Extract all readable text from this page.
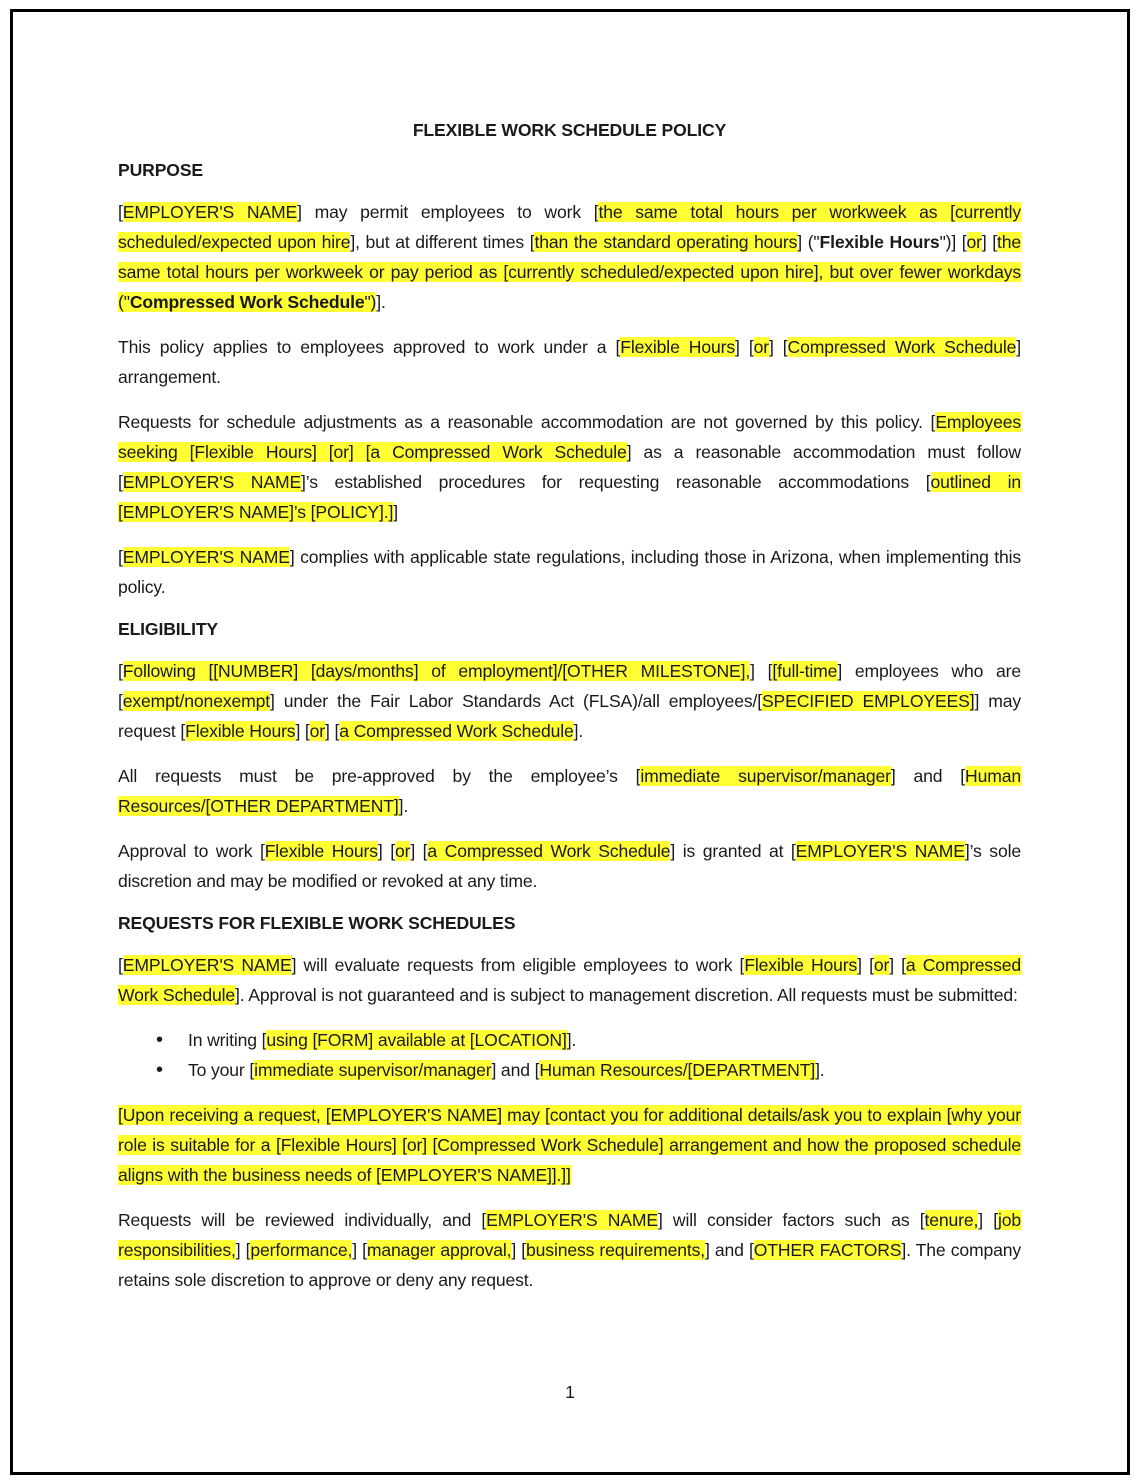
FLEXIBLE WORK SCHEDULE POLICY
PURPOSE

[EMPLOYER'S NAME] may permit employees to work [the same total hours per workweek as [currently scheduled/expected upon hire], but at different times [than the standard operating hours] ("Flexible Hours")] [or] [the same total hours per workweek or pay period as [currently scheduled/expected upon hire], but over fewer workdays ("Compressed Work Schedule")].

This policy applies to employees approved to work under a [Flexible Hours] [or] [Compressed Work Schedule] arrangement.

Requests for schedule adjustments as a reasonable accommodation are not governed by this policy. [Employees seeking [Flexible Hours] [or] [a Compressed Work Schedule] as a reasonable accommodation must follow [EMPLOYER'S NAME]’s established procedures for requesting reasonable accommodations [outlined in [EMPLOYER'S NAME]’s [POLICY].]]

[EMPLOYER'S NAME] complies with applicable state regulations, including those in Arizona, when implementing this policy.

ELIGIBILITY

[Following [[NUMBER] [days/months] of employment]/[OTHER MILESTONE],] [[full-time] employees who are [exempt/nonexempt] under the Fair Labor Standards Act (FLSA)/all employees/[SPECIFIED EMPLOYEES]] may request [Flexible Hours] [or] [a Compressed Work Schedule].

All requests must be pre-approved by the employee’s [immediate supervisor/manager] and [Human Resources/[OTHER DEPARTMENT]].

Approval to work [Flexible Hours] [or] [a Compressed Work Schedule] is granted at [EMPLOYER'S NAME]’s sole discretion and may be modified or revoked at any time.

REQUESTS FOR FLEXIBLE WORK SCHEDULES

[EMPLOYER'S NAME] will evaluate requests from eligible employees to work [Flexible Hours] [or] [a Compressed Work Schedule]. Approval is not guaranteed and is subject to management discretion. All requests must be submitted:

• In writing [using [FORM] available at [LOCATION]].
• To your [immediate supervisor/manager] and [Human Resources/[DEPARTMENT]].

[Upon receiving a request, [EMPLOYER'S NAME] may [contact you for additional details/ask you to explain [why your role is suitable for a [Flexible Hours] [or] [Compressed Work Schedule] arrangement and how the proposed schedule aligns with the business needs of [EMPLOYER'S NAME]].]]

Requests will be reviewed individually, and [EMPLOYER'S NAME] will consider factors such as [tenure,] [job responsibilities,] [performance,] [manager approval,] [business requirements,] and [OTHER FACTORS]. The company retains sole discretion to approve or deny any request.

1
